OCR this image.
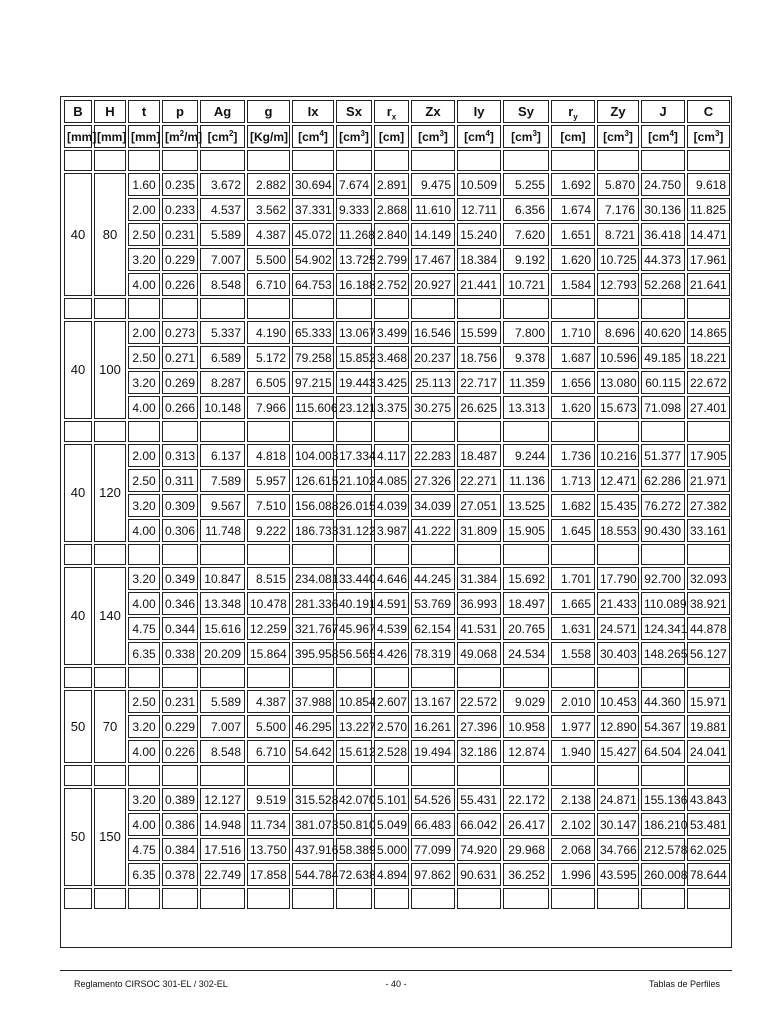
B	H	t	p	Ag	g	Ix	Sx	$r_x$	Zx	Iy	Sy	$r_y$	Zy	J	C
[mm]	[mm]	[mm]	$[m^2/m]$	$[cm^2]$	[Kg/m]	$[cm^4]$	$[cm^3]$	[cm]	$[cm^3]$	$[cm^4]$	$[cm^3]$	[cm]	$[cm^3]$	$[cm^4]$	$[cm^3]$

40	80	1.60	0.235	3.672	2.882	30.694	7.674	2.891	9.475	10.509	5.255	1.692	5.870	24.750	9.618
		2.00	0.233	4.537	3.562	37.331	9.333	2.868	11.610	12.711	6.356	1.674	7.176	30.136	11.825
		2.50	0.231	5.589	4.387	45.072	11.268	2.840	14.149	15.240	7.620	1.651	8.721	36.418	14.471
		3.20	0.229	7.007	5.500	54.902	13.725	2.799	17.467	18.384	9.192	1.620	10.725	44.373	17.961
		4.00	0.226	8.548	6.710	64.753	16.188	2.752	20.927	21.441	10.721	1.584	12.793	52.268	21.641

40	100	2.00	0.273	5.337	4.190	65.333	13.067	3.499	16.546	15.599	7.800	1.710	8.696	40.620	14.865
		2.50	0.271	6.589	5.172	79.258	15.852	3.468	20.237	18.756	9.378	1.687	10.596	49.185	18.221
		3.20	0.269	8.287	6.505	97.215	19.443	3.425	25.113	22.717	11.359	1.656	13.080	60.115	22.672
		4.00	0.266	10.148	7.966	115.606	23.121	3.375	30.275	26.625	13.313	1.620	15.673	71.098	27.401

40	120	2.00	0.313	6.137	4.818	104.003	17.334	4.117	22.283	18.487	9.244	1.736	10.216	51.377	17.905
		2.50	0.311	7.589	5.957	126.615	21.102	4.085	27.326	22.271	11.136	1.713	12.471	62.286	21.971
		3.20	0.309	9.567	7.510	156.088	26.015	4.039	34.039	27.051	13.525	1.682	15.435	76.272	27.382
		4.00	0.306	11.748	9.222	186.733	31.122	3.987	41.222	31.809	15.905	1.645	18.553	90.430	33.161

40	140	3.20	0.349	10.847	8.515	234.081	33.440	4.646	44.245	31.384	15.692	1.701	17.790	92.700	32.093
		4.00	0.346	13.348	10.478	281.336	40.191	4.591	53.769	36.993	18.497	1.665	21.433	110.089	38.921
		4.75	0.344	15.616	12.259	321.767	45.967	4.539	62.154	41.531	20.765	1.631	24.571	124.341	44.878
		6.35	0.338	20.209	15.864	395.958	56.565	4.426	78.319	49.068	24.534	1.558	30.403	148.265	56.127

50	70	2.50	0.231	5.589	4.387	37.988	10.854	2.607	13.167	22.572	9.029	2.010	10.453	44.360	15.971
		3.20	0.229	7.007	5.500	46.295	13.227	2.570	16.261	27.396	10.958	1.977	12.890	54.367	19.881
		4.00	0.226	8.548	6.710	54.642	15.612	2.528	19.494	32.186	12.874	1.940	15.427	64.504	24.041

50	150	3.20	0.389	12.127	9.519	315.528	42.070	5.101	54.526	55.431	22.172	2.138	24.871	155.136	43.843
		4.00	0.386	14.948	11.734	381.073	50.810	5.049	66.483	66.042	26.417	2.102	30.147	186.210	53.481
		4.75	0.384	17.516	13.750	437.916	58.389	5.000	77.099	74.920	29.968	2.068	34.766	212.578	62.025
		6.35	0.378	22.749	17.858	544.784	72.638	4.894	97.862	90.631	36.252	1.996	43.595	260.008	78.644

Reglamento CIRSOC 301-EL / 302-EL	- 40 -	Tablas de Perfiles
